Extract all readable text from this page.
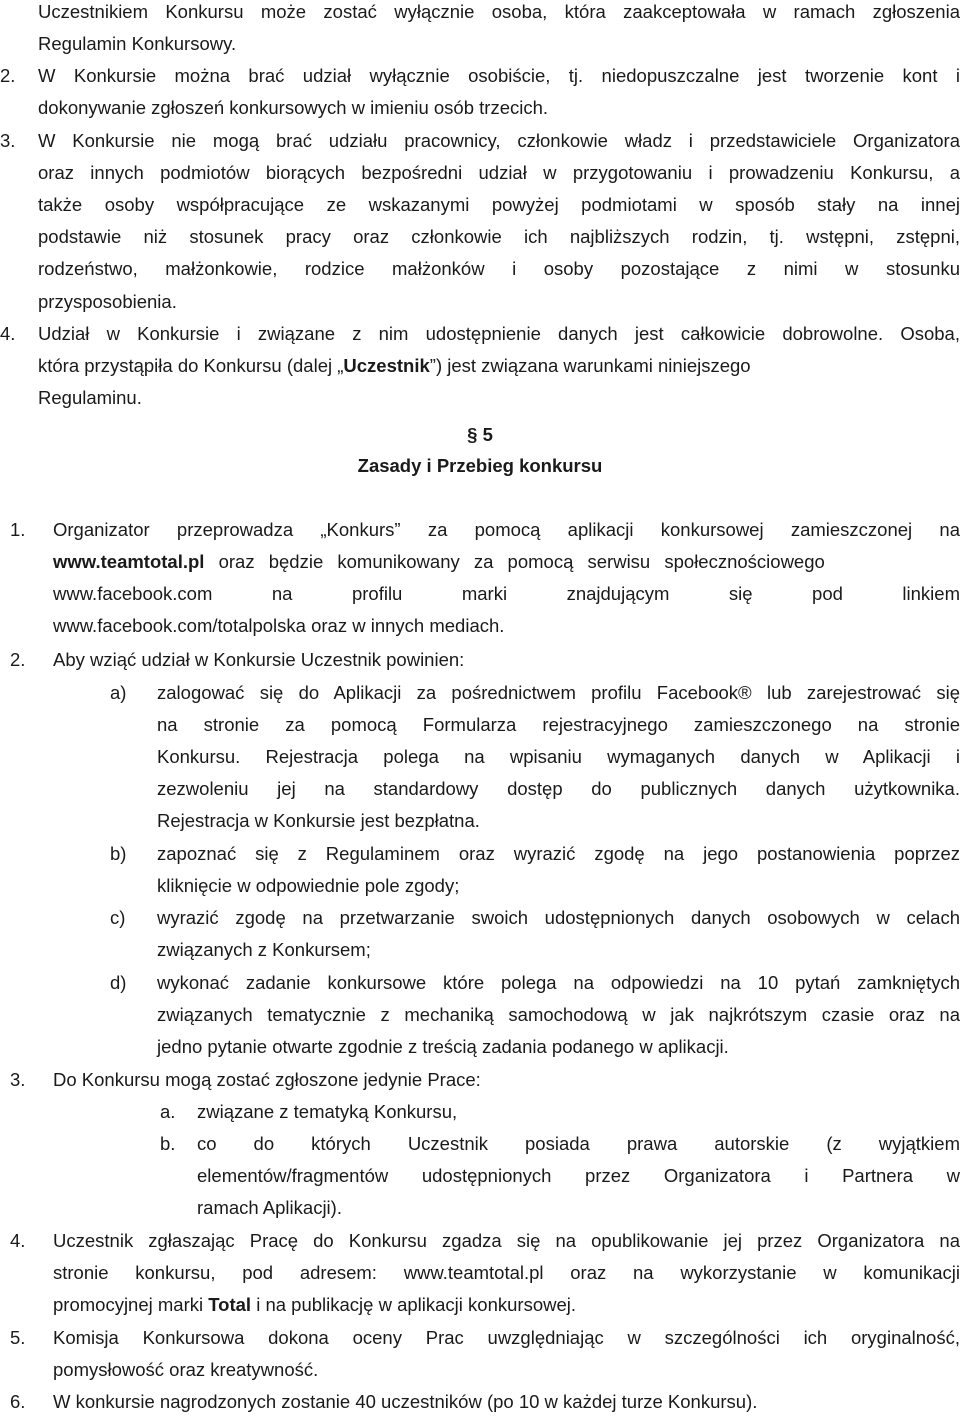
Uczestnikiem Konkursu może zostać wyłącznie osoba, która zaakceptowała w ramach zgłoszenia
Regulamin Konkursowy.
2. W Konkursie można brać udział wyłącznie osobiście, tj. niedopuszczalne jest tworzenie kont i
dokonywanie zgłoszeń konkursowych w imieniu osób trzecich.
3. W Konkursie nie mogą brać udziału pracownicy, członkowie władz i przedstawiciele Organizatora
oraz innych podmiotów biorących bezpośredni udział w przygotowaniu i prowadzeniu Konkursu, a
także osoby współpracujące ze wskazanymi powyżej podmiotami w sposób stały na innej
podstawie niż stosunek pracy oraz członkowie ich najbliższych rodzin, tj. wstępni, zstępni,
rodzeństwo, małżonkowie, rodzice małżonków i osoby pozostające z nimi w stosunku
przysposobienia.
4. Udział w Konkursie i związane z nim udostępnienie danych jest całkowicie dobrowolne. Osoba,
która przystąpiła do Konkursu (dalej „Uczestnik”) jest związana warunkami niniejszego
Regulaminu.
§ 5
Zasady i Przebieg konkursu
1. Organizator przeprowadza „Konkurs” za pomocą aplikacji konkursowej zamieszczonej na
www.teamtotal.pl oraz będzie komunikowany za pomocą serwisu społecznościowego
www.facebook.com na profilu marki znajdującym się pod linkiem
www.facebook.com/totalpolska oraz w innych mediach.
2. Aby wziąć udział w Konkursie Uczestnik powinien:
a) zalogować się do Aplikacji za pośrednictwem profilu Facebook® lub zarejestrować się
na stronie za pomocą Formularza rejestracyjnego zamieszczonego na stronie
Konkursu. Rejestracja polega na wpisaniu wymaganych danych w Aplikacji i
zezwoleniu jej na standardowy dostęp do publicznych danych użytkownika.
Rejestracja w Konkursie jest bezpłatna.
b) zapoznać się z Regulaminem oraz wyrazić zgodę na jego postanowienia poprzez
kliknięcie w odpowiednie pole zgody;
c) wyrazić zgodę na przetwarzanie swoich udostępnionych danych osobowych w celach
związanych z Konkursem;
d) wykonać zadanie konkursowe które polega na odpowiedzi na 10 pytań zamkniętych
związanych tematycznie z mechaniką samochodową w jak najkrótszym czasie oraz na
jedno pytanie otwarte zgodnie z treścią zadania podanego w aplikacji.
3. Do Konkursu mogą zostać zgłoszone jedynie Prace:
a. związane z tematyką Konkursu,
b. co do których Uczestnik posiada prawa autorskie (z wyjątkiem
elementów/fragmentów udostępnionych przez Organizatora i Partnera w
ramach Aplikacji).
4. Uczestnik zgłaszając Pracę do Konkursu zgadza się na opublikowanie jej przez Organizatora na
stronie konkursu, pod adresem: www.teamtotal.pl oraz na wykorzystanie w komunikacji
promocyjnej marki Total i na publikację w aplikacji konkursowej.
5. Komisja Konkursowa dokona oceny Prac uwzględniając w szczególności ich oryginalność,
pomysłowość oraz kreatywność.
6. W konkursie nagrodzonych zostanie 40 uczestników (po 10 w każdej turze Konkursu).
